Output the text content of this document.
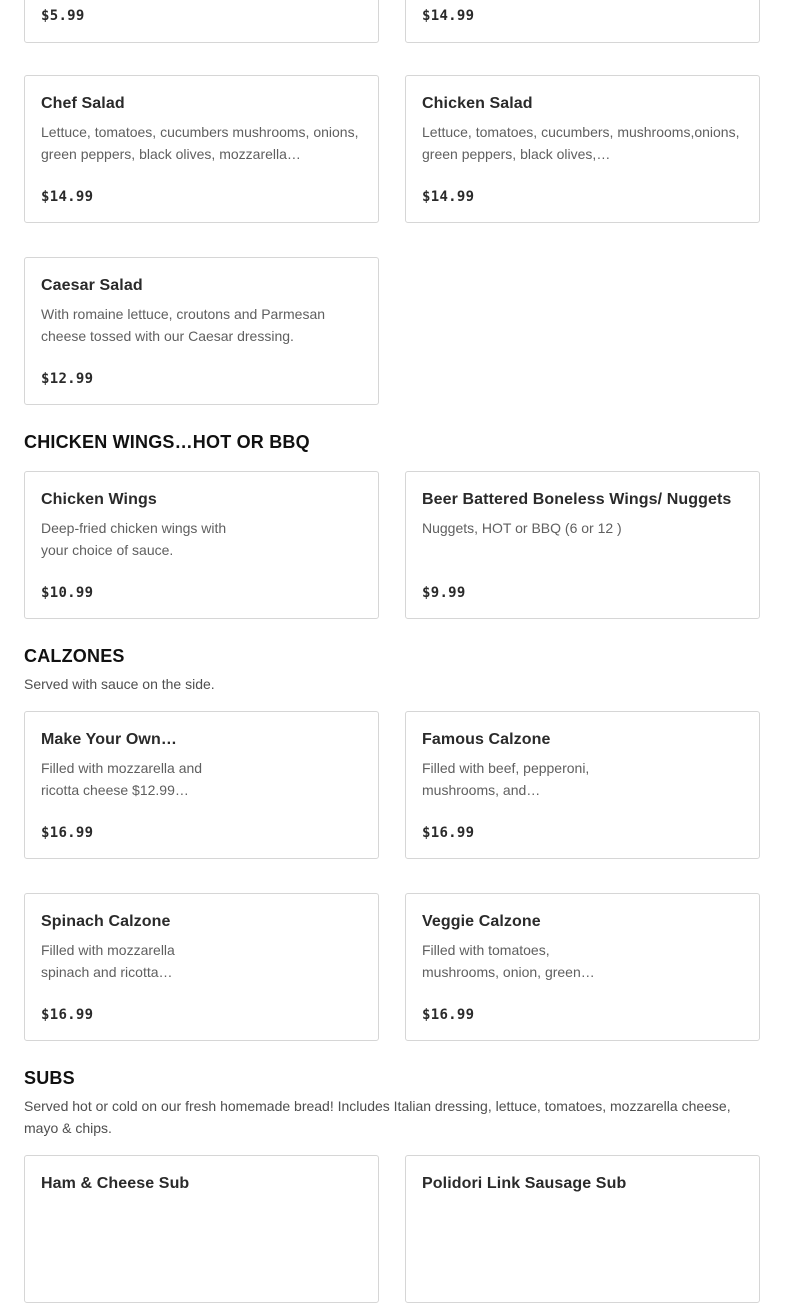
$5.99	$14.99
Chef Salad
Lettuce, tomatoes, cucumbers mushrooms, onions, green peppers, black olives, mozzarella…
$14.99
Chicken Salad
Lettuce, tomatoes, cucumbers, mushrooms,onions, green peppers, black olives,…
$14.99
Caesar Salad
With romaine lettuce, croutons and Parmesan cheese tossed with our Caesar dressing.
$12.99
CHICKEN WINGS…HOT OR BBQ
Chicken Wings
Deep-fried chicken wings with your choice of sauce.
$10.99
Beer Battered Boneless Wings/ Nuggets
Nuggets, HOT or BBQ (6 or 12 )
$9.99
CALZONES
Served with sauce on the side.
Make Your Own…
Filled with mozzarella and ricotta cheese $12.99…
$16.99
Famous Calzone
Filled with beef, pepperoni, mushrooms, and…
$16.99
Spinach Calzone
Filled with mozzarella spinach and ricotta…
$16.99
Veggie Calzone
Filled with tomatoes, mushrooms, onion, green…
$16.99
SUBS
Served hot or cold on our fresh homemade bread! Includes Italian dressing, lettuce, tomatoes, mozzarella cheese, mayo & chips.
Ham & Cheese Sub	Polidori Link Sausage Sub
